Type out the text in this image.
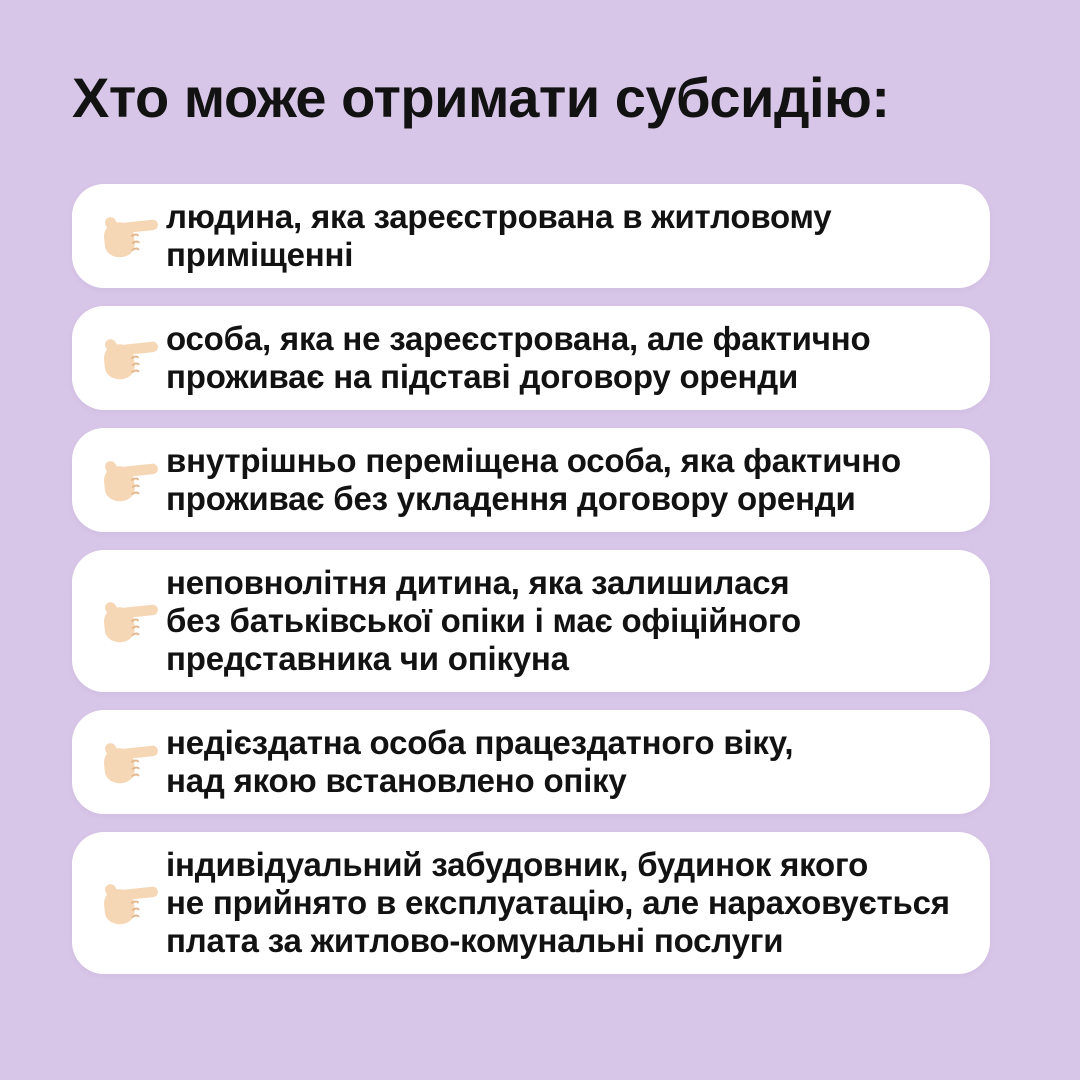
Хто може отримати субсидію:
людина, яка зареєстрована в житловому
приміщенні
особа, яка не зареєстрована, але фактично
проживає на підставі договору оренди
внутрішньо переміщена особа, яка фактично
проживає без укладення договору оренди
неповнолітня дитина, яка залишилася
без батьківської опіки і має офіційного
представника чи опікуна
недієздатна особа працездатного віку,
над якою встановлено опіку
індивідуальний забудовник, будинок якого
не прийнято в експлуатацію, але нараховується
плата за житлово-комунальні послуги
